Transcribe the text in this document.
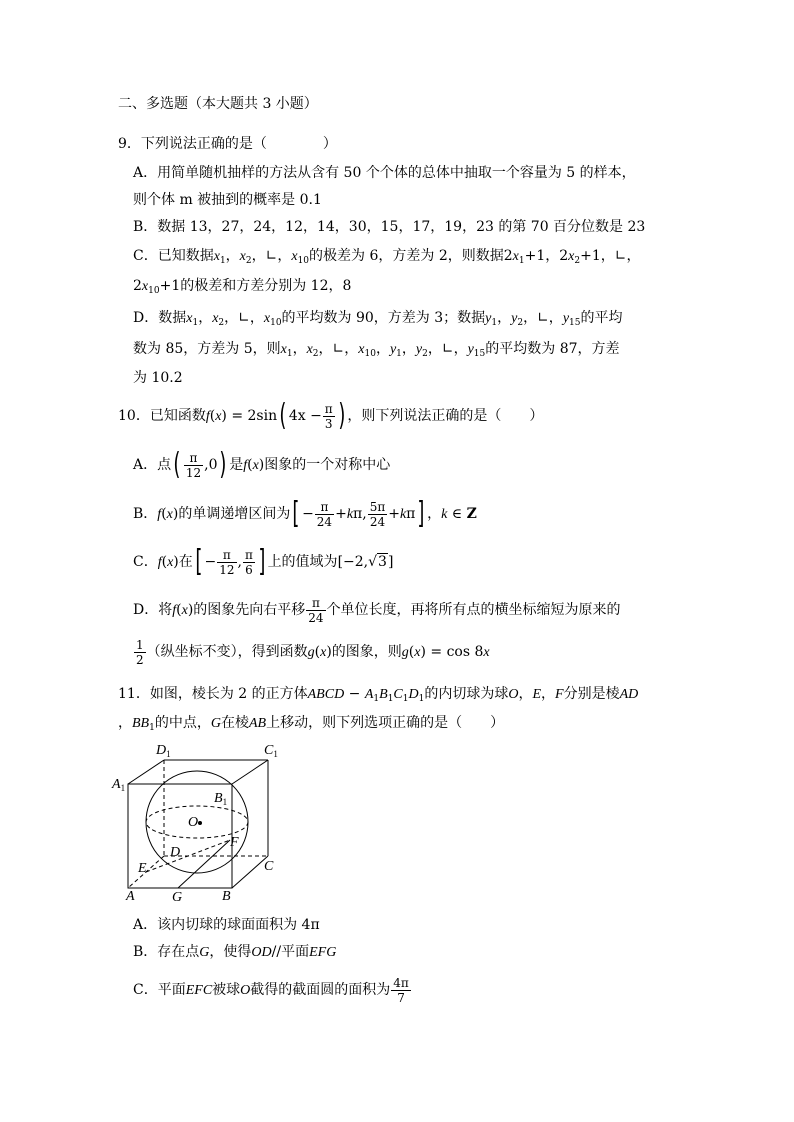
二、多选题（本大题共 3 小题）
9．下列说法正确的是（　　　　）
A．用简单随机抽样的方法从含有 50 个个体的总体中抽取一个容量为 5 的样本，
则个体 m 被抽到的概率是 0.1
B．数据 13，27，24，12，14，30，15，17，19，23 的第 70 百分位数是 23
C．已知数据$x_1$，$x_2$，∟，$x_{10}$的极差为 6，方差为 2，则数据$2x_1+1$，$2x_2+1$，∟，
$2x_{10}+1$的极差和方差分别为 12，8
D．数据$x_1$，$x_2$，∟，$x_{10}$的平均数为 90，方差为 3；数据$y_1$，$y_2$，∟，$y_{15}$的平均
数为 85，方差为 5，则$x_1$，$x_2$，∟，$x_{10}$，$y_1$，$y_2$，∟，$y_{15}$的平均数为 87，方差
为 10.2
10．已知函数f(x) = 2sin( $4x - \frac{\pi}{3}$ ) ，则下列说法正确的是（　　）
A．点( $\frac{\pi}{12} ,0$) 是f(x)图象的一个对称中心
B．f(x)的单调递增区间为[ − $\frac{\pi}{24} +k\pi$, $\frac{5\pi}{24} +k\pi$] ，k ∈ Z
C．f(x)在[ − $\frac{\pi}{12}$ , $\frac{\pi}{6}$ ] 上的值域为[−2,√3]
D．将f(x)的图象先向右平移 $\frac{\pi}{24}$ 个单位长度，再将所有点的横坐标缩短为原来的
$\frac{1}{2}$ （纵坐标不变），得到函数g(x)的图象，则g(x) = cos 8x
11．如图，棱长为 2 的正方体ABCD − $A_1B_1C_1D_1$的内切球为球O，E，F分别是棱AD
，$BB_1$的中点，G在棱AB上移动，则下列选项正确的是（　　）
$D_1$	$C_1$
$A_1$
$B_1$
O
F
D
C
E
A	G	B
A．该内切球的球面面积为 4π
B．存在点G，使得OD//平面EFG
C．平面EFC被球O截得的截面圆的面积为 $\frac{4\pi}{7}$
